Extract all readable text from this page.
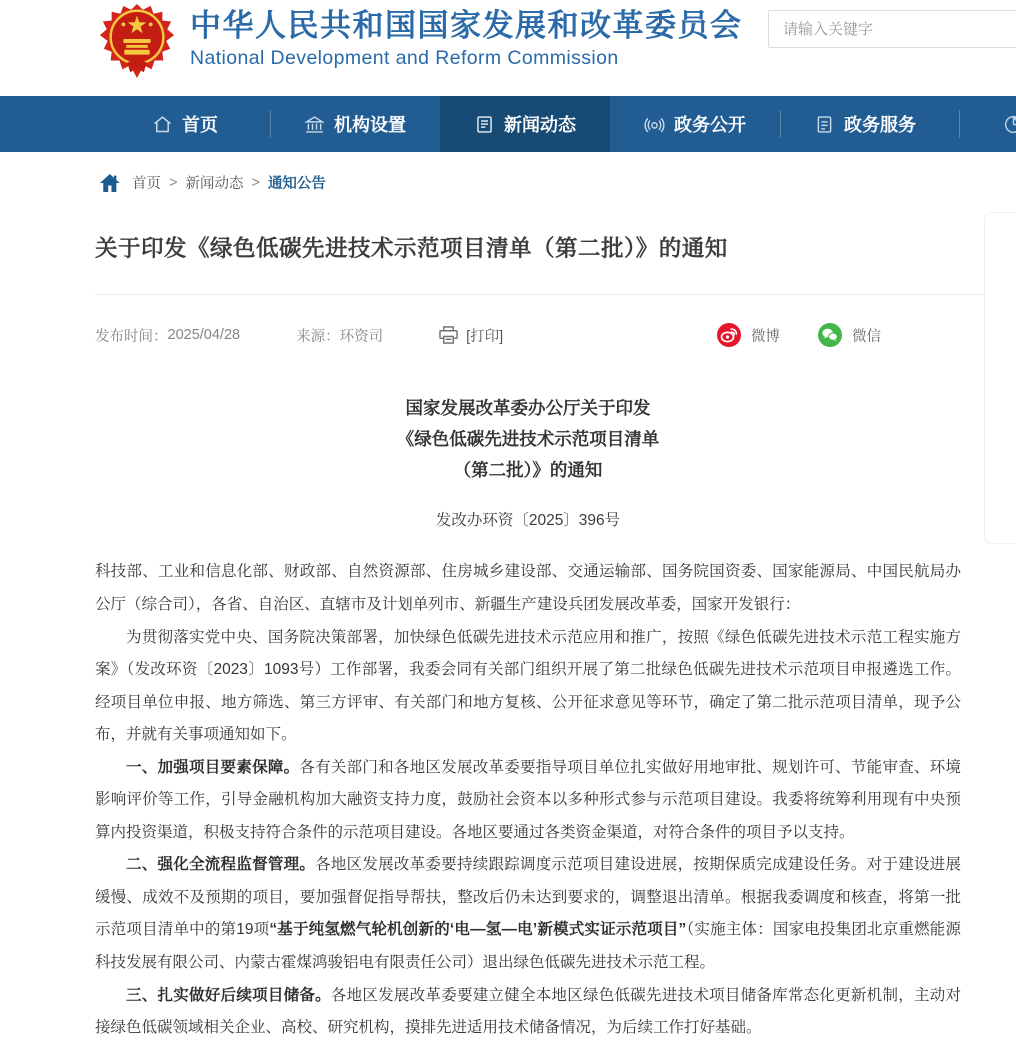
中华人民共和国国家发展和改革委员会
National Development and Reform Commission
请输入关键字
首页	机构设置	新闻动态	政务公开	政务服务
首页 > 新闻动态 > 通知公告
关于印发《绿色低碳先进技术示范项目清单（第二批）》的通知
发布时间： 2025/04/28	来源： 环资司	[打印]	微博	微信
国家发展改革委办公厅关于印发
《绿色低碳先进技术示范项目清单
（第二批）》的通知
发改办环资〔2025〕396号

科技部、工业和信息化部、财政部、自然资源部、住房城乡建设部、交通运输部、国务院国资委、国家能源局、中国民航局办公厅（综合司），各省、自治区、直辖市及计划单列市、新疆生产建设兵团发展改革委，国家开发银行：

为贯彻落实党中央、国务院决策部署，加快绿色低碳先进技术示范应用和推广，按照《绿色低碳先进技术示范工程实施方案》（发改环资〔2023〕1093号）工作部署，我委会同有关部门组织开展了第二批绿色低碳先进技术示范项目申报遴选工作。经项目单位申报、地方筛选、第三方评审、有关部门和地方复核、公开征求意见等环节，确定了第二批示范项目清单，现予公布，并就有关事项通知如下。

一、加强项目要素保障。各有关部门和各地区发展改革委要指导项目单位扎实做好用地审批、规划许可、节能审查、环境影响评价等工作，引导金融机构加大融资支持力度，鼓励社会资本以多种形式参与示范项目建设。我委将统筹利用现有中央预算内投资渠道，积极支持符合条件的示范项目建设。各地区要通过各类资金渠道，对符合条件的项目予以支持。

二、强化全流程监督管理。各地区发展改革委要持续跟踪调度示范项目建设进展，按期保质完成建设任务。对于建设进展缓慢、成效不及预期的项目，要加强督促指导帮扶，整改后仍未达到要求的，调整退出清单。根据我委调度和核查，将第一批示范项目清单中的第19项“基于纯氢燃气轮机创新的‘电—氢—电’新模式实证示范项目”（实施主体：国家电投集团北京重燃能源科技发展有限公司、内蒙古霍煤鸿骏铝电有限责任公司）退出绿色低碳先进技术示范工程。

三、扎实做好后续项目储备。各地区发展改革委要建立健全本地区绿色低碳先进技术项目储备库常态化更新机制，主动对接绿色低碳领域相关企业、高校、研究机构，摸排先进适用技术储备情况，为后续工作打好基础。
